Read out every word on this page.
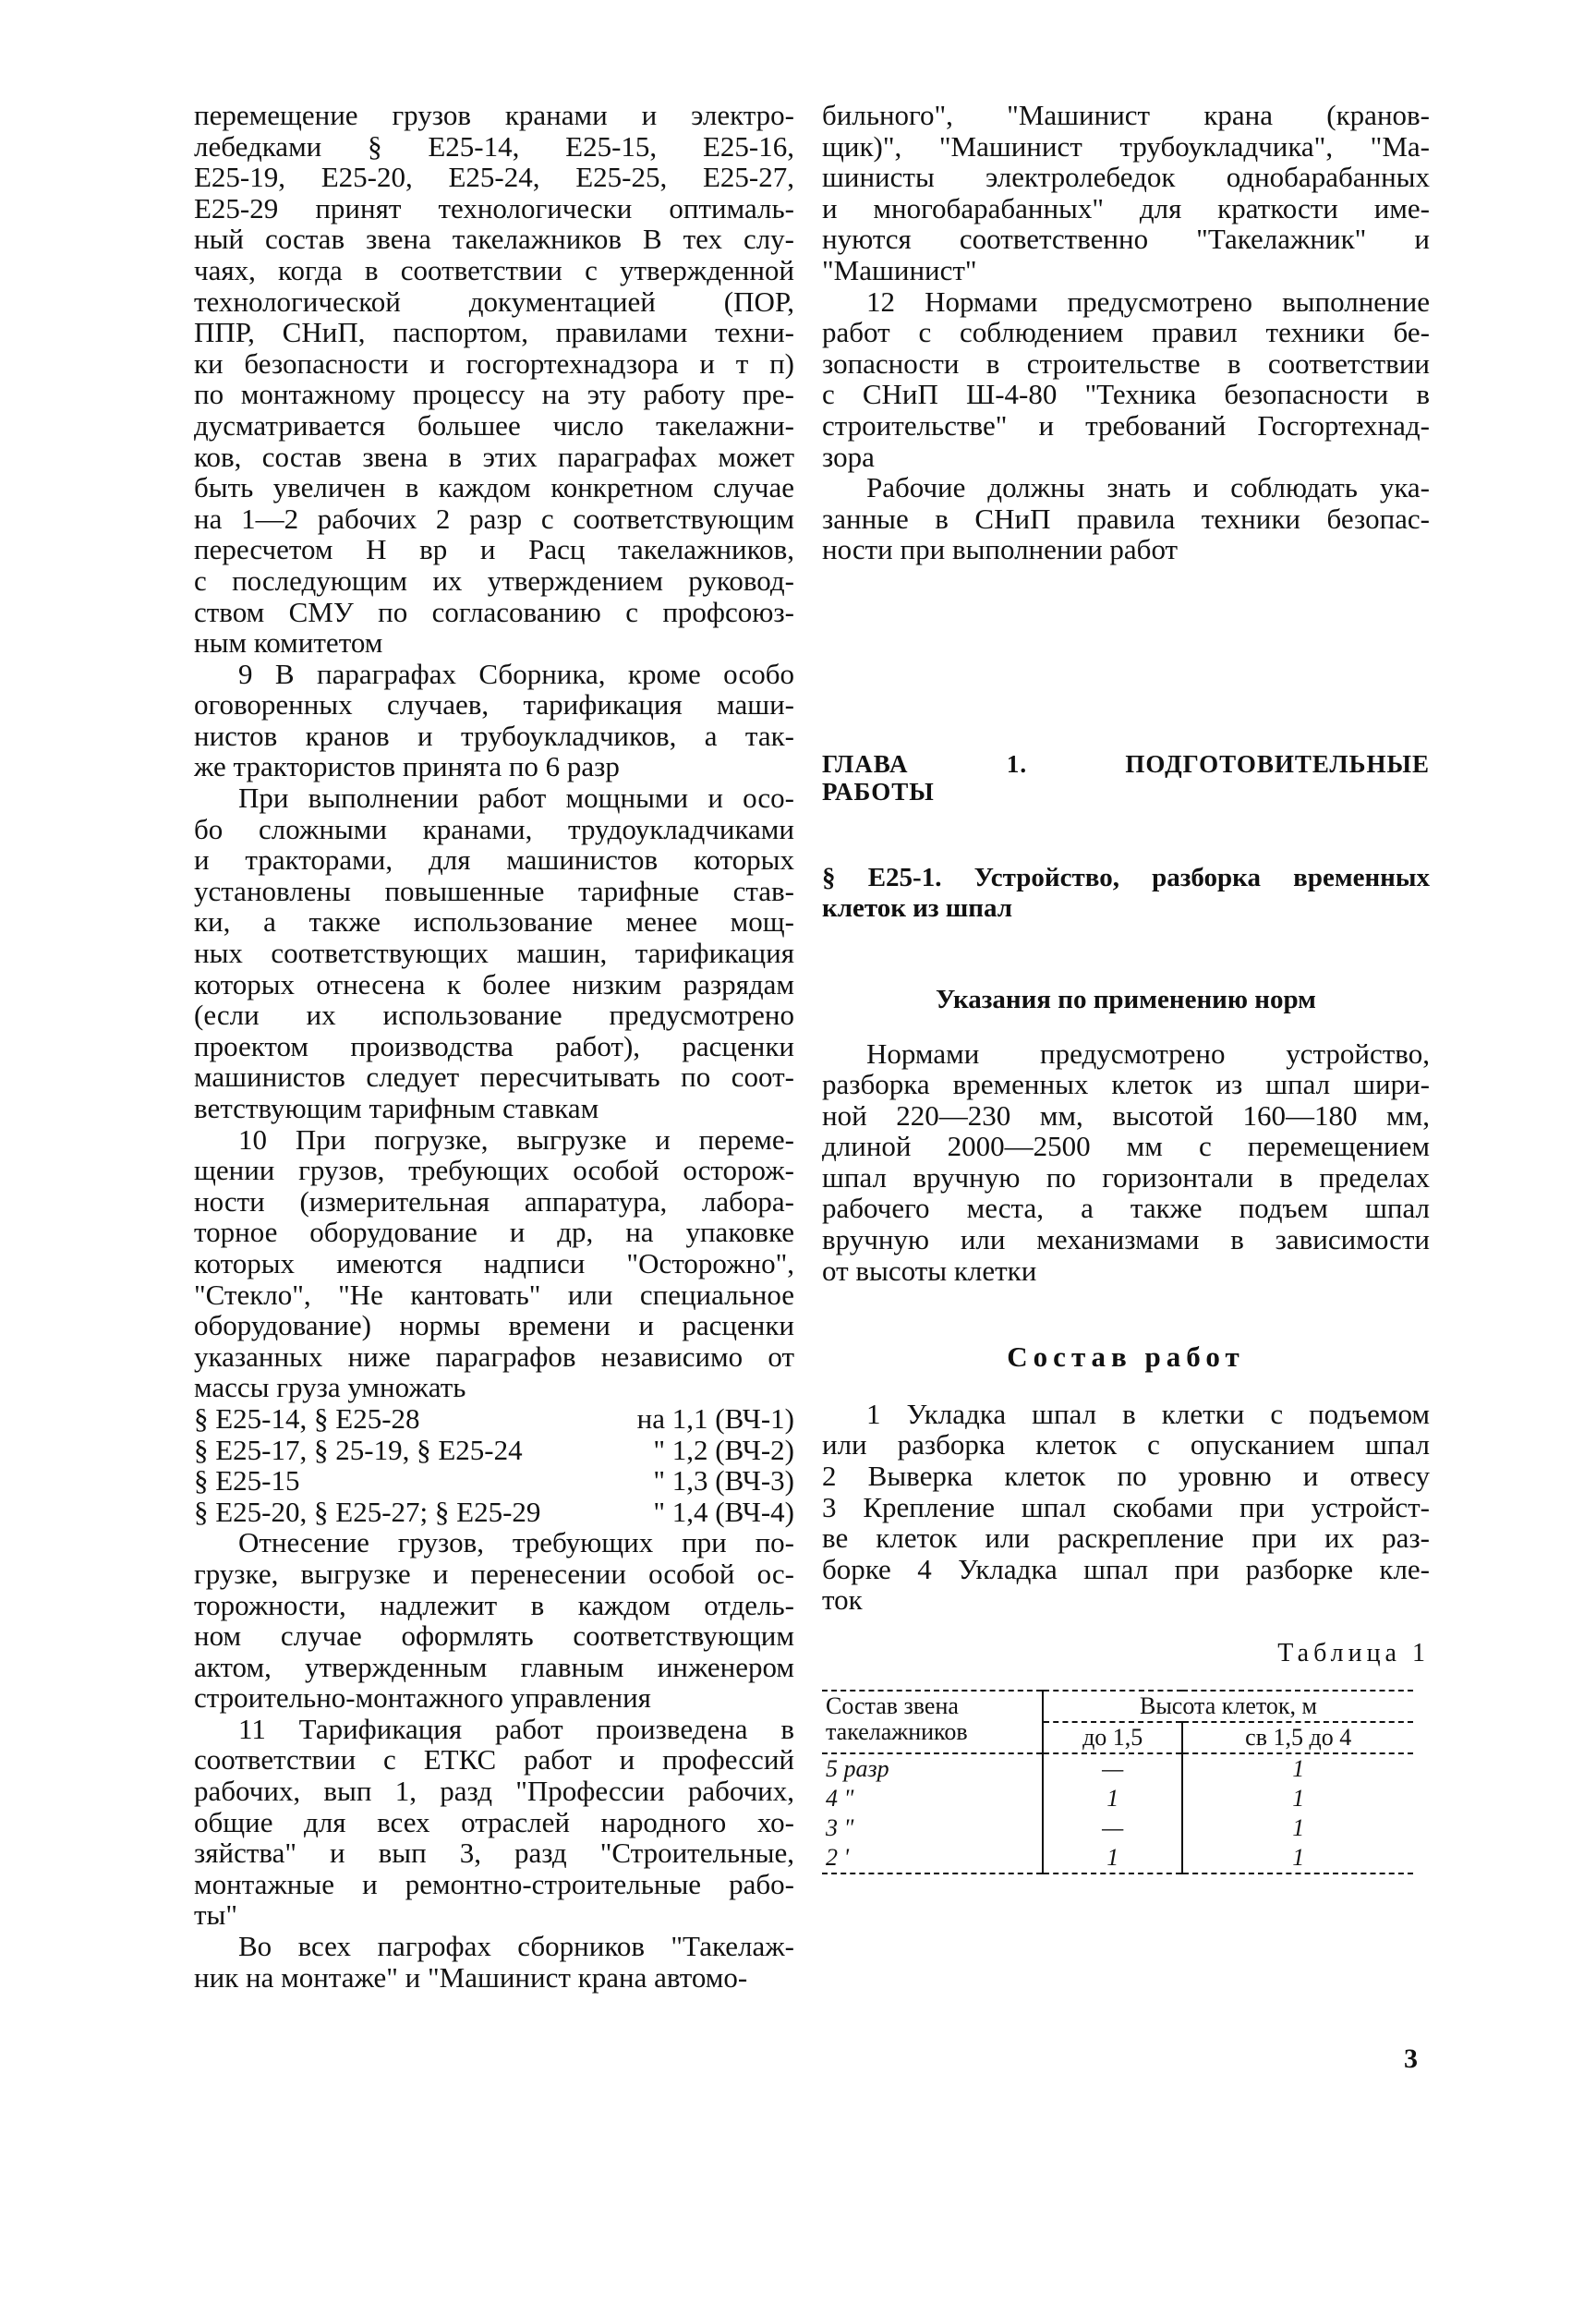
перемещение грузов кранами и электро-
лебедками § Е25-14, Е25-15, Е25-16,
Е25-19, Е25-20, Е25-24, Е25-25, Е25-27,
Е25-29 принят технологически оптималь-
ный состав звена такелажников В тех слу-
чаях, когда в соответствии с утвержденной
технологической документацией (ПОР,
ППР, СНиП, паспортом, правилами техни-
ки безопасности и госгортехнадзора и т п)
по монтажному процессу на эту работу пре-
дусматривается большее число такелажни-
ков, состав звена в этих параграфах может
быть увеличен в каждом конкретном случае
на 1—2 рабочих 2 разр с соответствующим
пересчетом Н вр и Расц такелажников,
с последующим их утверждением руковод-
ством СМУ по согласованию с профсоюз-
ным комитетом

9 В параграфах Сборника, кроме особо
оговоренных случаев, тарификация маши-
нистов кранов и трубоукладчиков, а так-
же трактористов принята по 6 разр

При выполнении работ мощными и осо-
бо сложными кранами, трудоукладчиками
и тракторами, для машинистов которых
установлены повышенные тарифные став-
ки, а также использование менее мощ-
ных соответствующих машин, тарификация
которых отнесена к более низким разрядам
(если их использование предусмотрено
проектом производства работ), расценки
машинистов следует пересчитывать по соот-
ветствующим тарифным ставкам

10 При погрузке, выгрузке и переме-
щении грузов, требующих особой осторож-
ности (измерительная аппаратура, лабора-
торное оборудование и др, на упаковке
которых имеются надписи "Осторожно",
"Стекло", "Не кантовать" или специальное
оборудование) нормы времени и расценки
указанных ниже параграфов независимо от
массы груза умножать

§ Е25-14, § Е25-28	на 1,1 (ВЧ-1)
§ Е25-17, § 25-19, § Е25-24	" 1,2 (ВЧ-2)
§ Е25-15	" 1,3 (ВЧ-3)
§ Е25-20, § Е25-27; § Е25-29	" 1,4 (ВЧ-4)

Отнесение грузов, требующих при по-
грузке, выгрузке и перенесении особой ос-
торожности, надлежит в каждом отдель-
ном случае оформлять соответствующим
актом, утвержденным главным инженером
строительно-монтажного управления

11 Тарификация работ произведена в
соответствии с ЕТКС работ и профессий
рабочих, вып 1, разд "Профессии рабочих,
общие для всех отраслей народного хо-
зяйства" и вып 3, разд "Строительные,
монтажные и ремонтно-строительные рабо-
ты"

Во всех пагрофах сборников "Такелаж-
ник на монтаже" и "Машинист крана автомо-

бильного", "Машинист крана (кранов-
щик)", "Машинист трубоукладчика", "Ма-
шинисты электролебедок однобарабанных
и многобарабанных" для краткости име-
нуются соответственно "Такелажник" и
"Машинист"

12 Нормами предусмотрено выполнение
работ с соблюдением правил техники бе-
зопасности в строительстве в соответствии
с СНиП Ш-4-80 "Техника безопасности в
строительстве" и требований Госгортехнад-
зора

Рабочие должны знать и соблюдать ука-
занные в СНиП правила техники безопас-
ности при выполнении работ

ГЛАВА 1. ПОДГОТОВИТЕЛЬНЫЕ
РАБОТЫ

§ Е25-1. Устройство, разборка временных
клеток из шпал

Указания по применению норм

Нормами предусмотрено устройство,
разборка временных клеток из шпал шири-
ной 220—230 мм, высотой 160—180 мм,
длиной 2000—2500 мм с перемещением
шпал вручную по горизонтали в пределах
рабочего места, а также подъем шпал
вручную или механизмами в зависимости
от высоты клетки

Состав работ

1 Укладка шпал в клетки с подъемом
или разборка клеток с опусканием шпал
2 Выверка клеток по уровню и отвесу
3 Крепление шпал скобами при устройст-
ве клеток или раскрепление при их раз-
борке 4 Укладка шпал при разборке кле-
ток

Таблица 1

Состав звена
такелажников	Высота клеток, м	
	до 1,5	св 1,5 до 4
5 разр	—	1
4 "	1	1
3 "	—	1
2 '	1	1
3
